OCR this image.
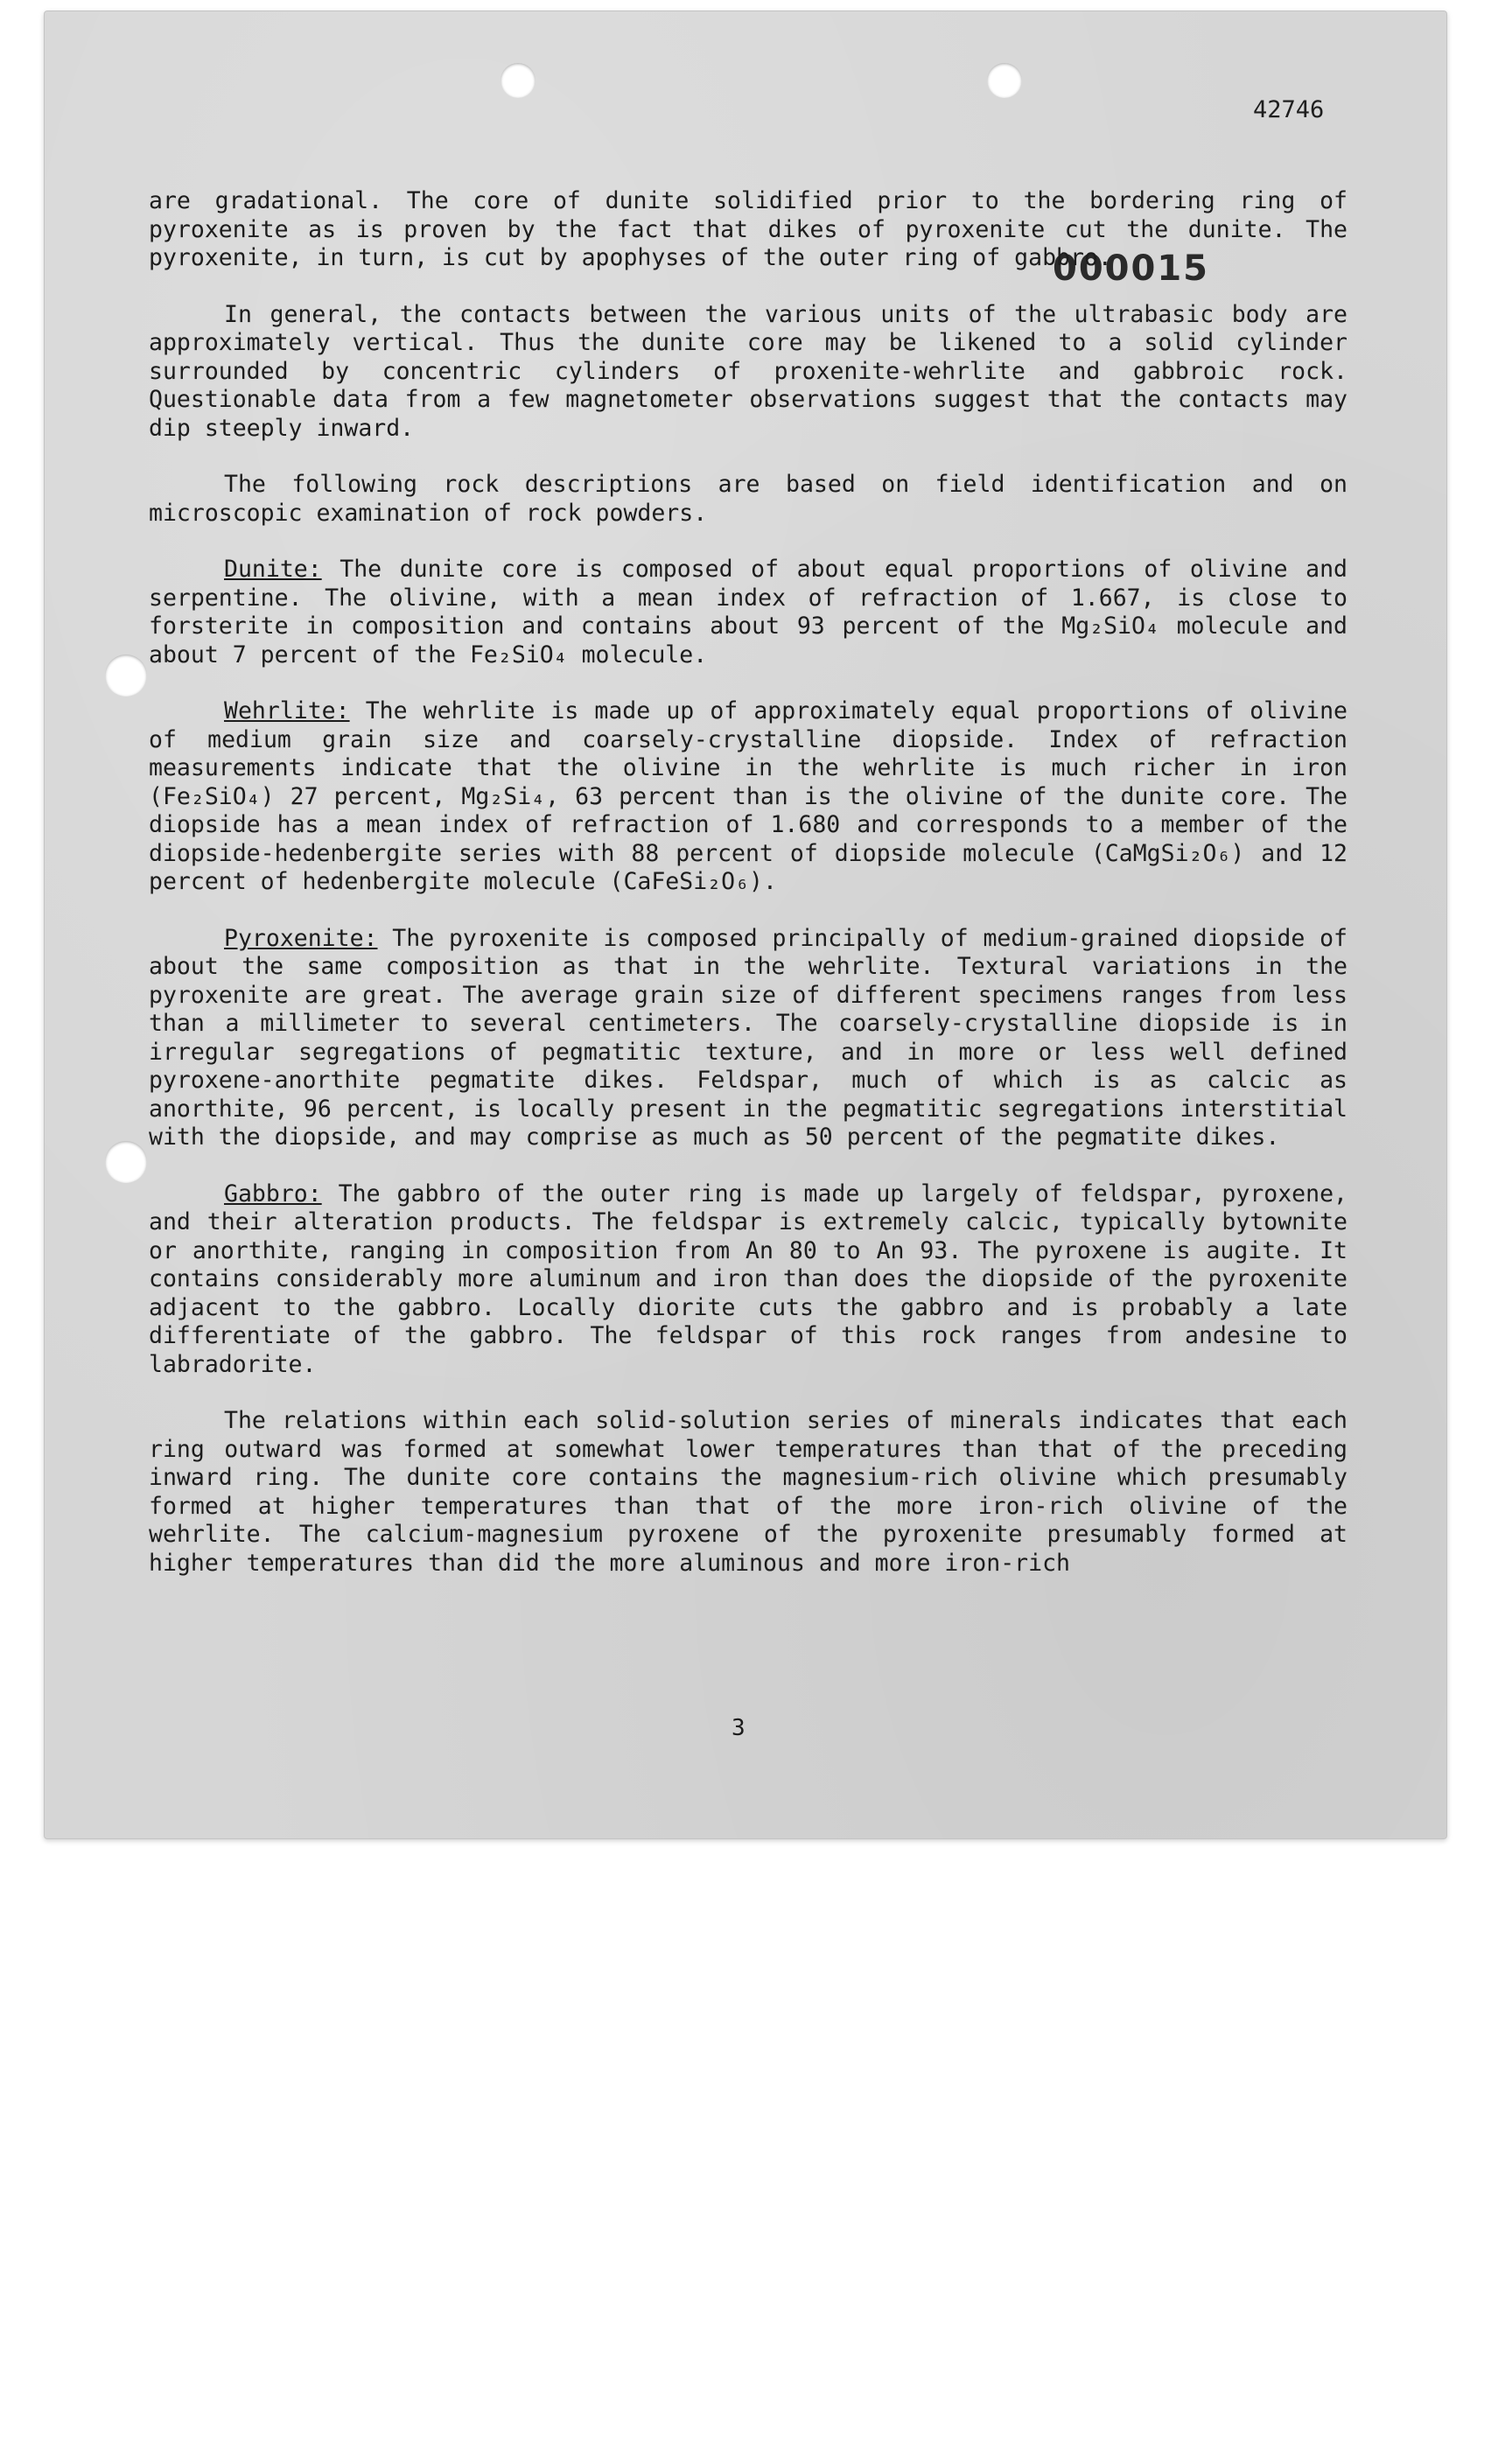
42746
000015

are gradational. The core of dunite solidified prior to the bordering ring of pyroxenite as is proven by the fact that dikes of pyroxenite cut the dunite. The pyroxenite, in turn, is cut by apophyses of the outer ring of gabbro.

In general, the contacts between the various units of the ultrabasic body are approximately vertical. Thus the dunite core may be likened to a solid cylinder surrounded by concentric cylinders of proxenite-wehrlite and gabbroic rock. Questionable data from a few magnetometer observations suggest that the contacts may dip steeply inward.

The following rock descriptions are based on field identification and on microscopic examination of rock powders.

Dunite: The dunite core is composed of about equal proportions of olivine and serpentine. The olivine, with a mean index of refraction of 1.667, is close to forsterite in composition and contains about 93 percent of the Mg₂SiO₄ molecule and about 7 percent of the Fe₂SiO₄ molecule.

Wehrlite: The wehrlite is made up of approximately equal proportions of olivine of medium grain size and coarsely-crystalline diopside. Index of refraction measurements indicate that the olivine in the wehrlite is much richer in iron (Fe₂SiO₄) 27 percent, Mg₂Si₄, 63 percent than is the olivine of the dunite core. The diopside has a mean index of refraction of 1.680 and corresponds to a member of the diopside-hedenbergite series with 88 percent of diopside molecule (CaMgSi₂O₆) and 12 percent of hedenbergite molecule (CaFeSi₂O₆).

Pyroxenite: The pyroxenite is composed principally of medium-grained diopside of about the same composition as that in the wehrlite. Textural variations in the pyroxenite are great. The average grain size of different specimens ranges from less than a millimeter to several centimeters. The coarsely-crystalline diopside is in irregular segregations of pegmatitic texture, and in more or less well defined pyroxene-anorthite pegmatite dikes. Feldspar, much of which is as calcic as anorthite, 96 percent, is locally present in the pegmatitic segregations interstitial with the diopside, and may comprise as much as 50 percent of the pegmatite dikes.

Gabbro: The gabbro of the outer ring is made up largely of feldspar, pyroxene, and their alteration products. The feldspar is extremely calcic, typically bytownite or anorthite, ranging in composition from An 80 to An 93. The pyroxene is augite. It contains considerably more aluminum and iron than does the diopside of the pyroxenite adjacent to the gabbro. Locally diorite cuts the gabbro and is probably a late differentiate of the gabbro. The feldspar of this rock ranges from andesine to labradorite.

The relations within each solid-solution series of minerals indicates that each ring outward was formed at somewhat lower temperatures than that of the preceding inward ring. The dunite core contains the magnesium-rich olivine which presumably formed at higher temperatures than that of the more iron-rich olivine of the wehrlite. The calcium-magnesium pyroxene of the pyroxenite presumably formed at higher temperatures than did the more aluminous and more iron-rich

3
